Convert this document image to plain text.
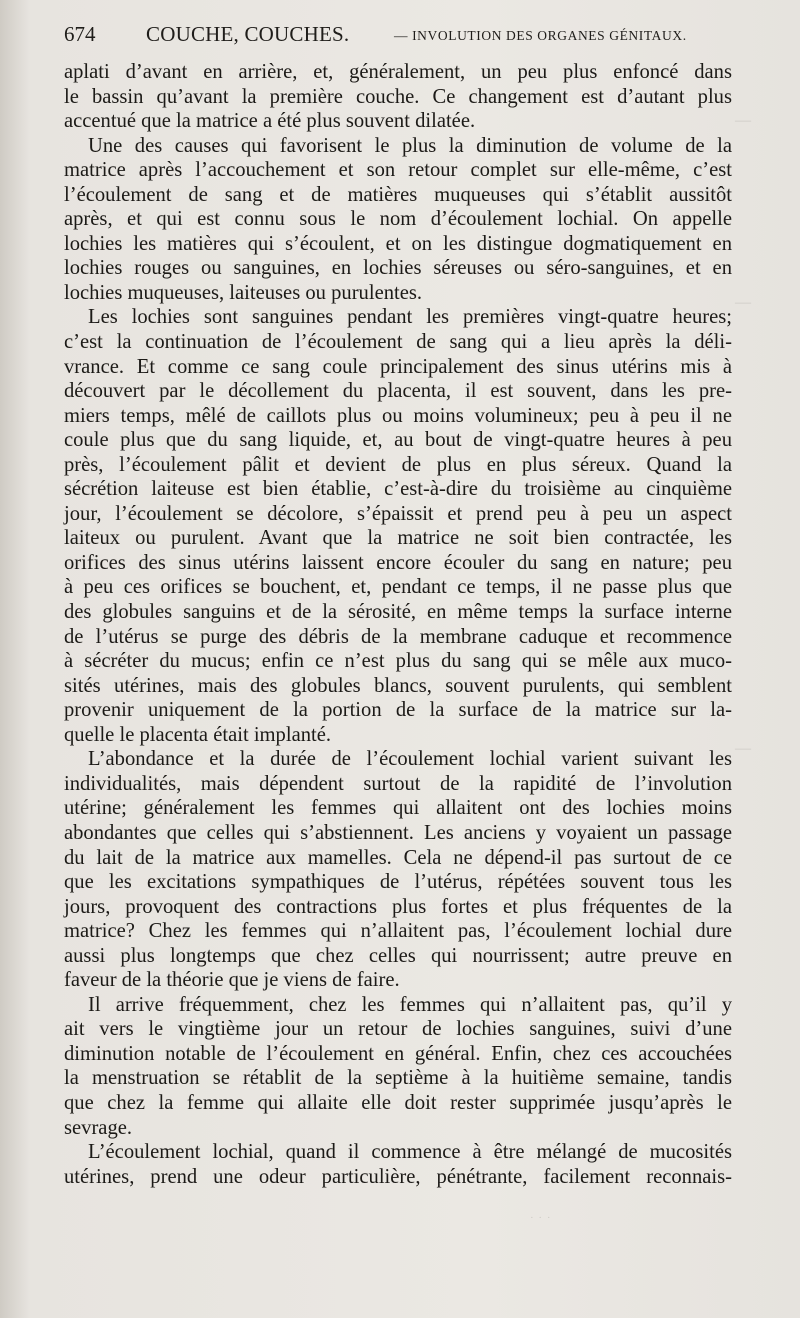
674 COUCHE, COUCHES.	— INVOLUTION DES ORGANES GÉNITAUX.
aplati d’avant en arrière, et, généralement, un peu plus enfoncé dans
le bassin qu’avant la première couche. Ce changement est d’autant plus
accentué que la matrice a été plus souvent dilatée.
Une des causes qui favorisent le plus la diminution de volume de la
matrice après l’accouchement et son retour complet sur elle-même, c’est
l’écoulement de sang et de matières muqueuses qui s’établit aussitôt
après, et qui est connu sous le nom d’écoulement lochial. On appelle
lochies les matières qui s’écoulent, et on les distingue dogmatiquement en
lochies rouges ou sanguines, en lochies séreuses ou séro-sanguines, et en
lochies muqueuses, laiteuses ou purulentes.
Les lochies sont sanguines pendant les premières vingt-quatre heures;
c’est la continuation de l’écoulement de sang qui a lieu après la déli-
vrance. Et comme ce sang coule principalement des sinus utérins mis à
découvert par le décollement du placenta, il est souvent, dans les pre-
miers temps, mêlé de caillots plus ou moins volumineux; peu à peu il ne
coule plus que du sang liquide, et, au bout de vingt-quatre heures à peu
près, l’écoulement pâlit et devient de plus en plus séreux. Quand la
sécrétion laiteuse est bien établie, c’est-à-dire du troisième au cinquième
jour, l’écoulement se décolore, s’épaissit et prend peu à peu un aspect
laiteux ou purulent. Avant que la matrice ne soit bien contractée, les
orifices des sinus utérins laissent encore écouler du sang en nature; peu
à peu ces orifices se bouchent, et, pendant ce temps, il ne passe plus que
des globules sanguins et de la sérosité, en même temps la surface interne
de l’utérus se purge des débris de la membrane caduque et recommence
à sécréter du mucus; enfin ce n’est plus du sang qui se mêle aux muco-
sités utérines, mais des globules blancs, souvent purulents, qui semblent
provenir uniquement de la portion de la surface de la matrice sur la-
quelle le placenta était implanté.
L’abondance et la durée de l’écoulement lochial varient suivant les
individualités, mais dépendent surtout de la rapidité de l’involution
utérine; généralement les femmes qui allaitent ont des lochies moins
abondantes que celles qui s’abstiennent. Les anciens y voyaient un passage
du lait de la matrice aux mamelles. Cela ne dépend-il pas surtout de ce
que les excitations sympathiques de l’utérus, répétées souvent tous les
jours, provoquent des contractions plus fortes et plus fréquentes de la
matrice? Chez les femmes qui n’allaitent pas, l’écoulement lochial dure
aussi plus longtemps que chez celles qui nourrissent; autre preuve en
faveur de la théorie que je viens de faire.
Il arrive fréquemment, chez les femmes qui n’allaitent pas, qu’il y
ait vers le vingtième jour un retour de lochies sanguines, suivi d’une
diminution notable de l’écoulement en général. Enfin, chez ces accouchées
la menstruation se rétablit de la septième à la huitième semaine, tandis
que chez la femme qui allaite elle doit rester supprimée jusqu’après le
sevrage.
L’écoulement lochial, quand il commence à être mélangé de mucosités
utérines, prend une odeur particulière, pénétrante, facilement reconnais-
—
—
—
· · ·
